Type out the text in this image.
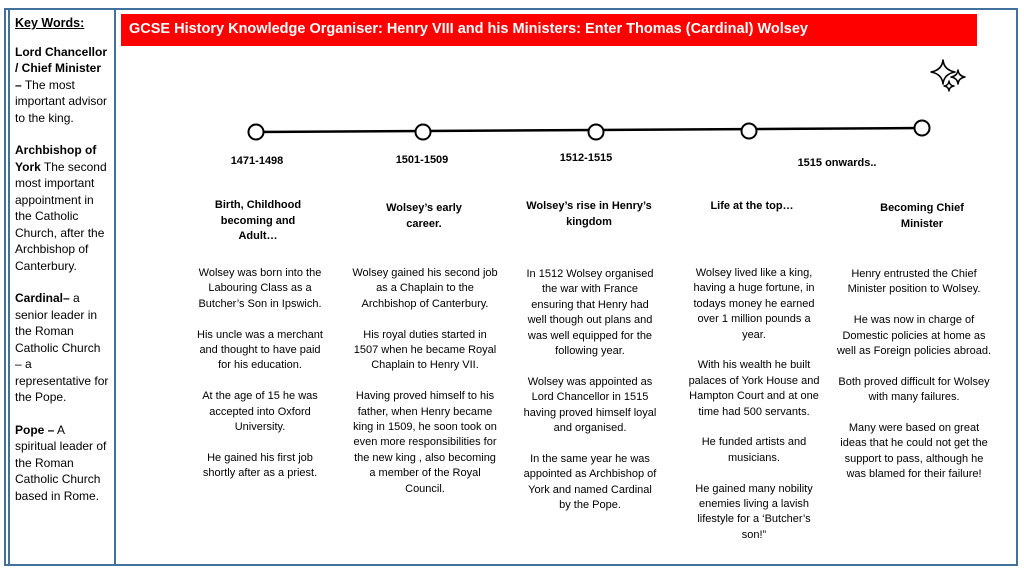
Key Words:
Lord Chancellor / Chief Minister – The most important advisor to the king.
Archbishop of York The second most important appointment in the Catholic Church, after the Archbishop of Canterbury.
Cardinal– a senior leader in the Roman Catholic Church – a representative for the Pope.
Pope – A spiritual leader of the Roman Catholic Church based in Rome.
GCSE History Knowledge Organiser: Henry VIII and his Ministers: Enter Thomas (Cardinal) Wolsey
1471-1498
Birth, Childhood becoming and Adult…

Wolsey was born into the Labouring Class as a Butcher’s Son in Ipswich.

His uncle was a merchant and thought to have paid for his education.

At the age of 15 he was accepted into Oxford University.

He gained his first job shortly after as a priest.

1501-1509
Wolsey’s early career.

Wolsey gained his second job as a Chaplain to the Archbishop of Canterbury.

His royal duties started in 1507 when he became Royal Chaplain to Henry VII.

Having proved himself to his father, when Henry became king in 1509, he soon took on even more responsibilities for the new king , also becoming a member of the Royal Council.

1512-1515
Wolsey’s rise in Henry’s kingdom

In 1512 Wolsey organised the war with France ensuring that Henry had well though out plans and was well equipped for the following year.

Wolsey was appointed as Lord Chancellor in 1515 having proved himself loyal and organised.

In the same year he was appointed as Archbishop of York and named Cardinal by the Pope.

Life at the top…

Wolsey lived like a king, having a huge fortune, in todays money he earned over 1 million pounds a year.

With his wealth he built palaces of York House and Hampton Court and at one time had 500 servants.

He funded artists and musicians.

He gained many nobility enemies living a lavish lifestyle for a ‘Butcher’s son!”

1515 onwards..
Becoming Chief Minister

Henry entrusted the Chief Minister position to Wolsey.

He was now in charge of Domestic policies at home as well as Foreign policies abroad.

Both proved difficult for Wolsey with many failures.

Many were based on great ideas that he could not get the support to pass, although he was blamed for their failure!
